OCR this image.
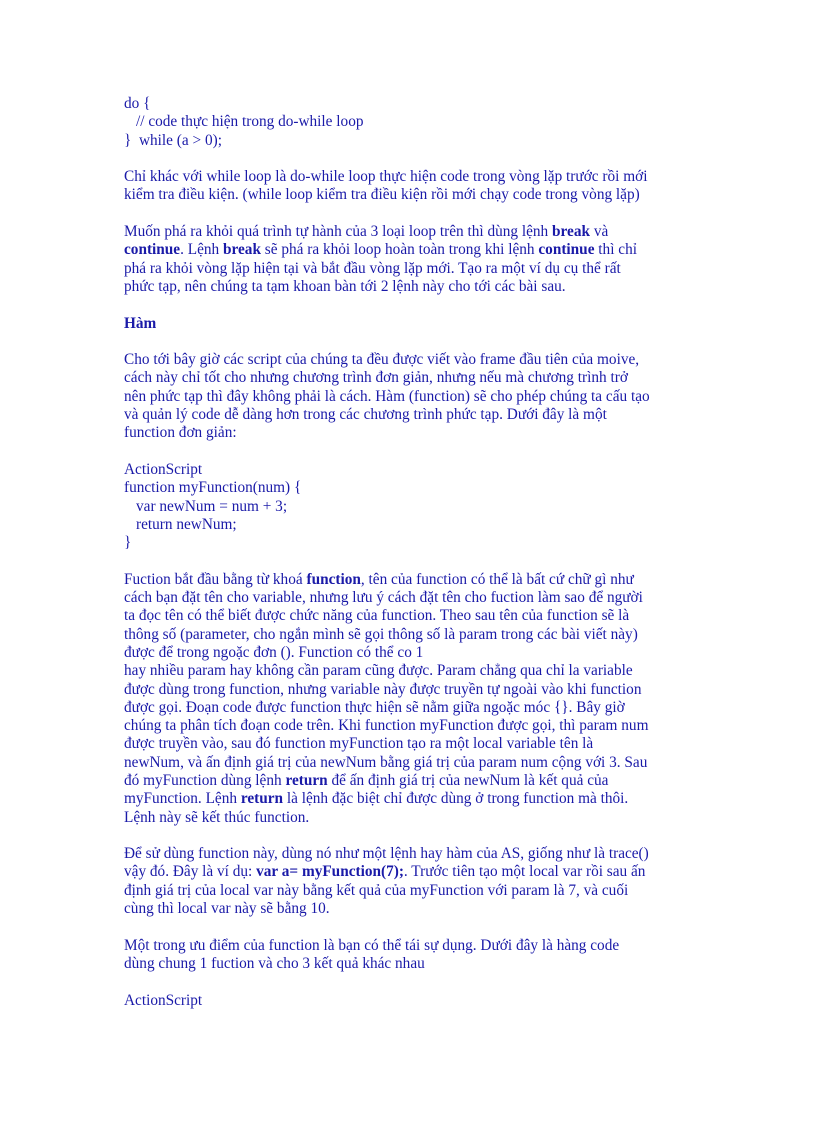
do {
// code thực hiện trong do-while loop
}  while (a > 0);
Chỉ khác với while loop là do-while loop thực hiện code trong vòng lặp trước rồi mới
kiểm tra điều kiện. (while loop kiểm tra điều kiện rồi mới chạy code trong vòng lặp)
Muốn phá ra khỏi quá trình tự hành của 3 loại loop trên thì dùng lệnh break và
continue. Lệnh break sẽ phá ra khỏi loop hoàn toàn trong khi lệnh continue thì chỉ
phá ra khỏi vòng lặp hiện tại và bắt đầu vòng lặp mới. Tạo ra một ví dụ cụ thể rất
phức tạp, nên chúng ta tạm khoan bàn tới 2 lệnh này cho tới các bài sau.
Hàm
Cho tới bây giờ các script của chúng ta đều được viết vào frame đầu tiên của moive,
cách này chỉ tốt cho nhưng chương trình đơn giản, nhưng nếu mà chương trình trở
nên phức tạp thì đây không phải là cách. Hàm (function) sẽ cho phép chúng ta cấu tạo
và quản lý code dễ dàng hơn trong các chương trình phức tạp. Dưới đây là một
function đơn giản:
ActionScript
function myFunction(num) {
var newNum = num + 3;
return newNum;
}
Fuction bắt đầu bằng từ khoá function, tên của function có thể là bất cứ chữ gì như
cách bạn đặt tên cho variable, nhưng lưu ý cách đặt tên cho fuction làm sao để người
ta đọc tên có thể biết được chức năng của function. Theo sau tên của function sẽ là
thông số (parameter, cho ngắn mình sẽ gọi thông số là param trong các bài viết này)
được để trong ngoặc đơn (). Function có thể co 1
hay nhiều param hay không cần param cũng được. Param chẳng qua chỉ la variable
được dùng trong function, nhưng variable này được truyền tự ngoài vào khi function
được gọi. Đoạn code được function thực hiện sẽ nằm giữa ngoặc móc {}. Bây giờ
chúng ta phân tích đoạn code trên. Khi function myFunction được gọi, thì param num
được truyền vào, sau đó function myFunction tạo ra một local variable tên là
newNum, và ấn định giá trị của newNum bằng giá trị của param num cộng với 3. Sau
đó myFunction dùng lệnh return để ấn định giá trị của newNum là kết quả của
myFunction. Lệnh return là lệnh đặc biệt chỉ được dùng ở trong function mà thôi.
Lệnh này sẽ kết thúc function.
Để sử dùng function này, dùng nó như một lệnh hay hàm của AS, giống như là trace()
vậy đó. Đây là ví dụ: var a= myFunction(7);. Trước tiên tạo một local var rồi sau ấn
định giá trị của local var này bằng kết quả của myFunction với param là 7, và cuối
cùng thì local var này sẽ bằng 10.
Một trong ưu điểm của function là bạn có thể tái sự dụng. Dưới đây là hàng code
dùng chung 1 fuction và cho 3 kết quả khác nhau
ActionScript
